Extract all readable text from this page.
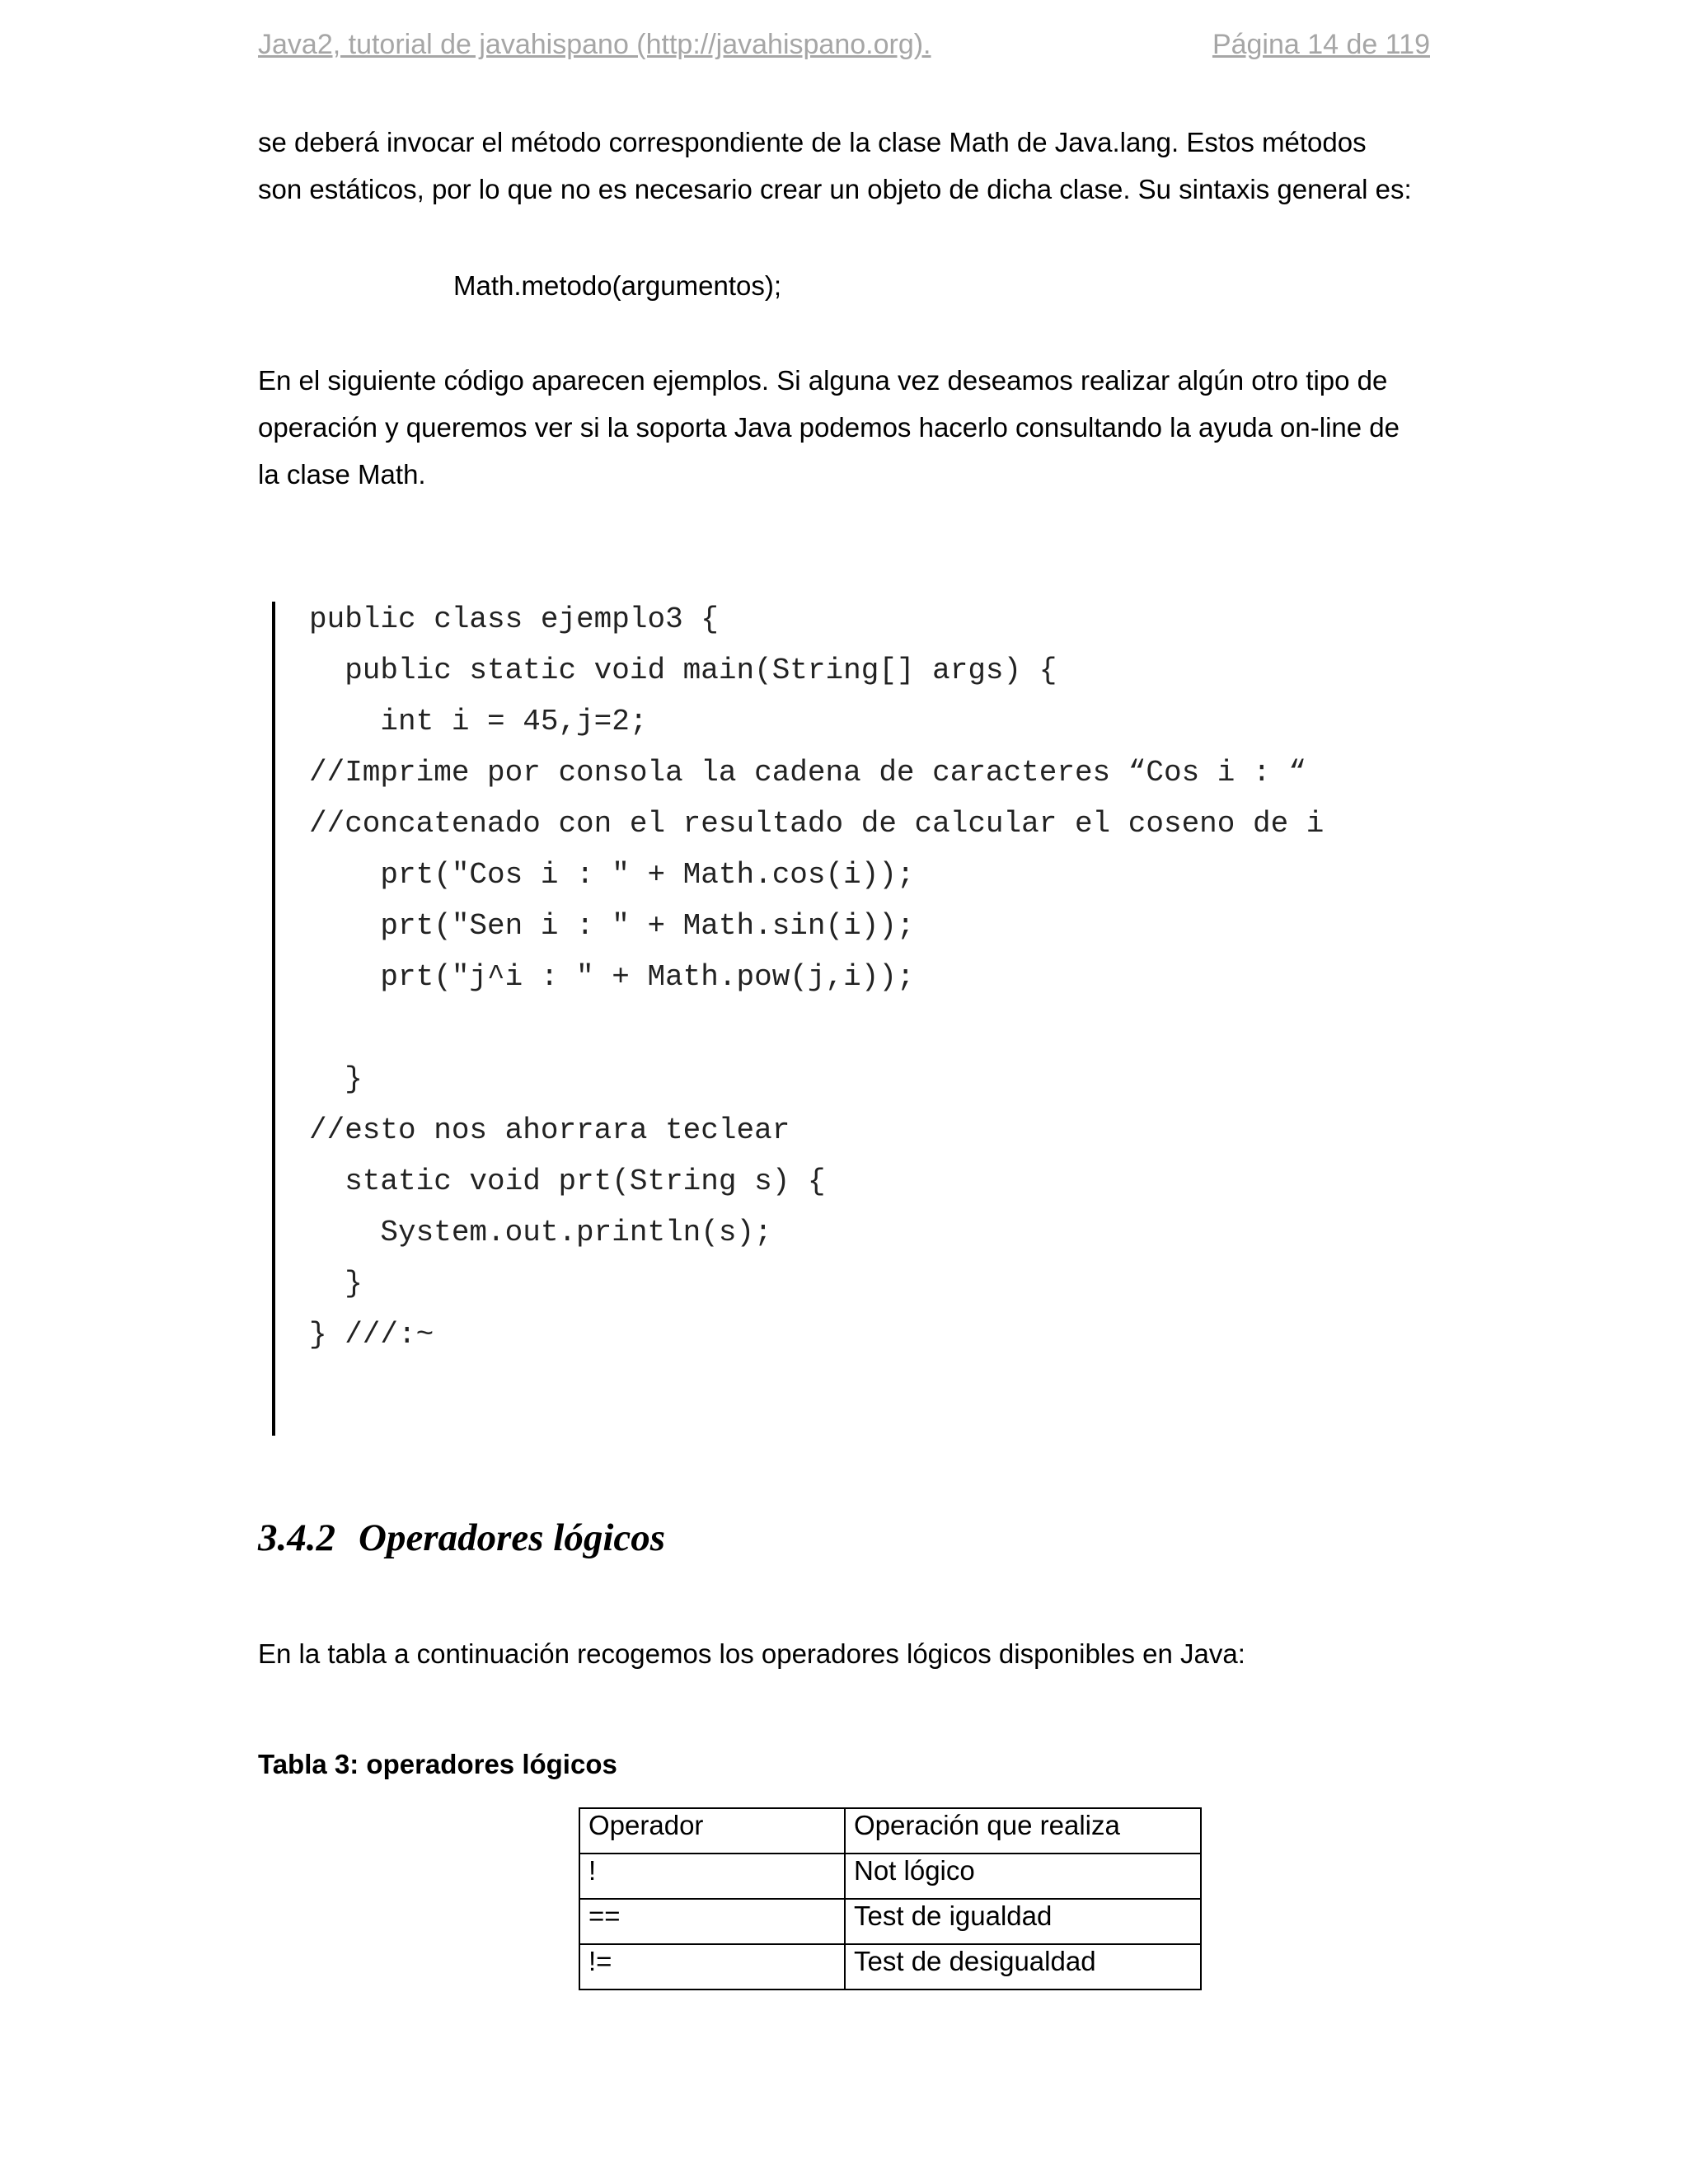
Java2, tutorial de javahispano (http://javahispano.org).	Página 14 de 119

se deberá invocar el método correspondiente de la clase Math de Java.lang. Estos métodos

son estáticos, por lo que no es necesario crear un objeto de dicha clase. Su sintaxis general es:

Math.metodo(argumentos);

En el siguiente código aparecen ejemplos. Si alguna vez deseamos realizar algún otro tipo de

operación y queremos ver si la soporta Java podemos hacerlo consultando la ayuda on-line de

la clase Math.

public class ejemplo3 {
public static void main(String[] args) {
int i = 45,j=2;
//Imprime por consola la cadena de caracteres “Cos i : “
//concatenado con el resultado de calcular el coseno de i
prt("Cos i : " + Math.cos(i));
prt("Sen i : " + Math.sin(i));
prt("j^i : " + Math.pow(j,i));
}
//esto nos ahorrara teclear
static void prt(String s) {
System.out.println(s);
}
} ///:~
3.4.2 Operadores lógicos
En la tabla a continuación recogemos los operadores lógicos disponibles en Java:
Tabla 3: operadores lógicos
Operador	Operación que realiza
!	Not lógico
==	Test de igualdad
!=	Test de desigualdad
